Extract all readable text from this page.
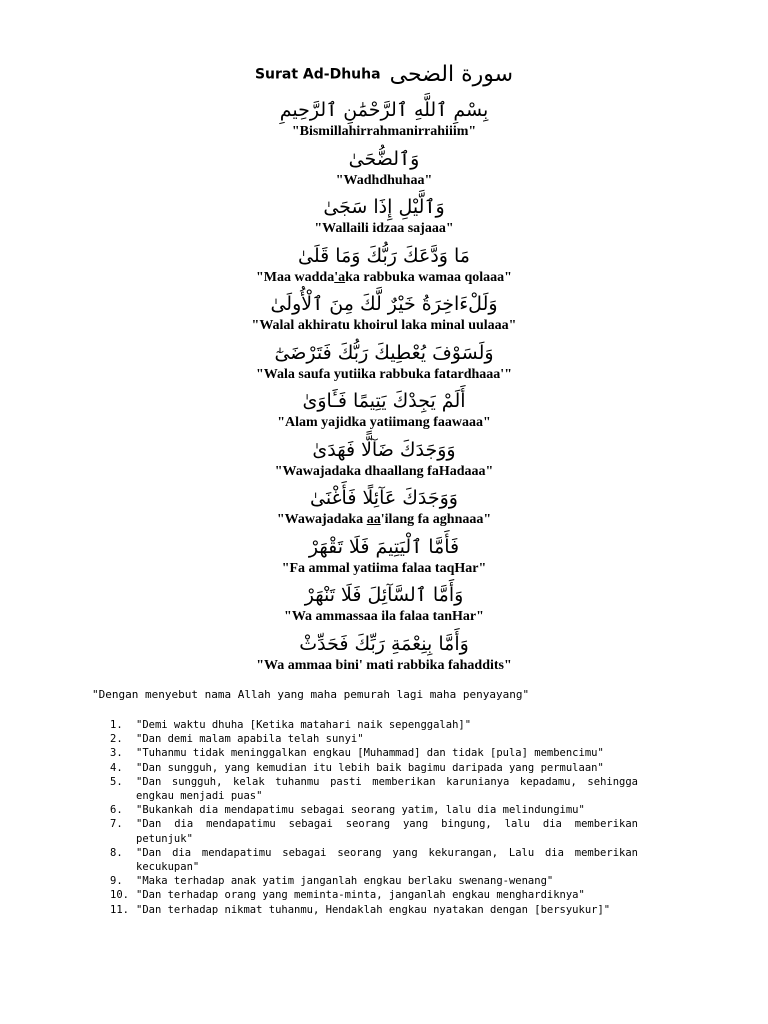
Surat Ad-Dhuha سورة الضحى
بِسْمِ ٱللَّهِ ٱلرَّحْمَٰنِ ٱلرَّحِيمِ
"Bismillahirrahmanirrahiiim"
وَٱلضُّحَىٰ
"Wadhdhuhaa"
وَٱلَّيْلِ إِذَا سَجَىٰ
"Wallaili idzaa sajaaa"
مَا وَدَّعَكَ رَبُّكَ وَمَا قَلَىٰ
"Maa wadda'aka rabbuka wamaa qolaaa"
وَلَلْءَاخِرَةُ خَيْرٌ لَّكَ مِنَ ٱلْأُولَىٰ
"Walal akhiratu khoirul laka minal uulaaa"
وَلَسَوْفَ يُعْطِيكَ رَبُّكَ فَتَرْضَىٰٓ
"Wala saufa yutiika rabbuka fatardhaaa'"
أَلَمْ يَجِدْكَ يَتِيمًا فَـَٔاوَىٰ
"Alam yajidka yatiimang faawaaa"
وَوَجَدَكَ ضَآلًّا فَهَدَىٰ
"Wawajadaka dhaallang faHadaaa"
وَوَجَدَكَ عَآئِلًا فَأَغْنَىٰ
"Wawajadaka aa'ilang fa aghnaaa"
فَأَمَّا ٱلْيَتِيمَ فَلَا تَقْهَرْ
"Fa ammal yatiima falaa taqHar"
وَأَمَّا ٱلسَّآئِلَ فَلَا تَنْهَرْ
"Wa ammassaa ila falaa tanHar"
وَأَمَّا بِنِعْمَةِ رَبِّكَ فَحَدِّثْ
"Wa ammaa bini' mati rabbika fahaddits"
"Dengan menyebut nama Allah yang maha pemurah lagi maha penyayang"
1. "Demi waktu dhuha [Ketika matahari naik sepenggalah]"
2. "Dan demi malam apabila telah sunyi"
3. "Tuhanmu tidak meninggalkan engkau [Muhammad] dan tidak [pula] membencimu"
4. "Dan sungguh, yang kemudian itu lebih baik bagimu daripada yang permulaan"
5. "Dan sungguh, kelak tuhanmu pasti memberikan karunianya kepadamu, sehingga engkau menjadi puas"
6. "Bukankah dia mendapatimu sebagai seorang yatim, lalu dia melindungimu"
7. "Dan dia mendapatimu sebagai seorang yang bingung, lalu dia memberikan petunjuk"
8. "Dan dia mendapatimu sebagai seorang yang kekurangan, Lalu dia memberikan kecukupan"
9. "Maka terhadap anak yatim janganlah engkau berlaku swenang-wenang"
10. "Dan terhadap orang yang meminta-minta, janganlah engkau menghardiknya"
11. "Dan terhadap nikmat tuhanmu, Hendaklah engkau nyatakan dengan [bersyukur]"
